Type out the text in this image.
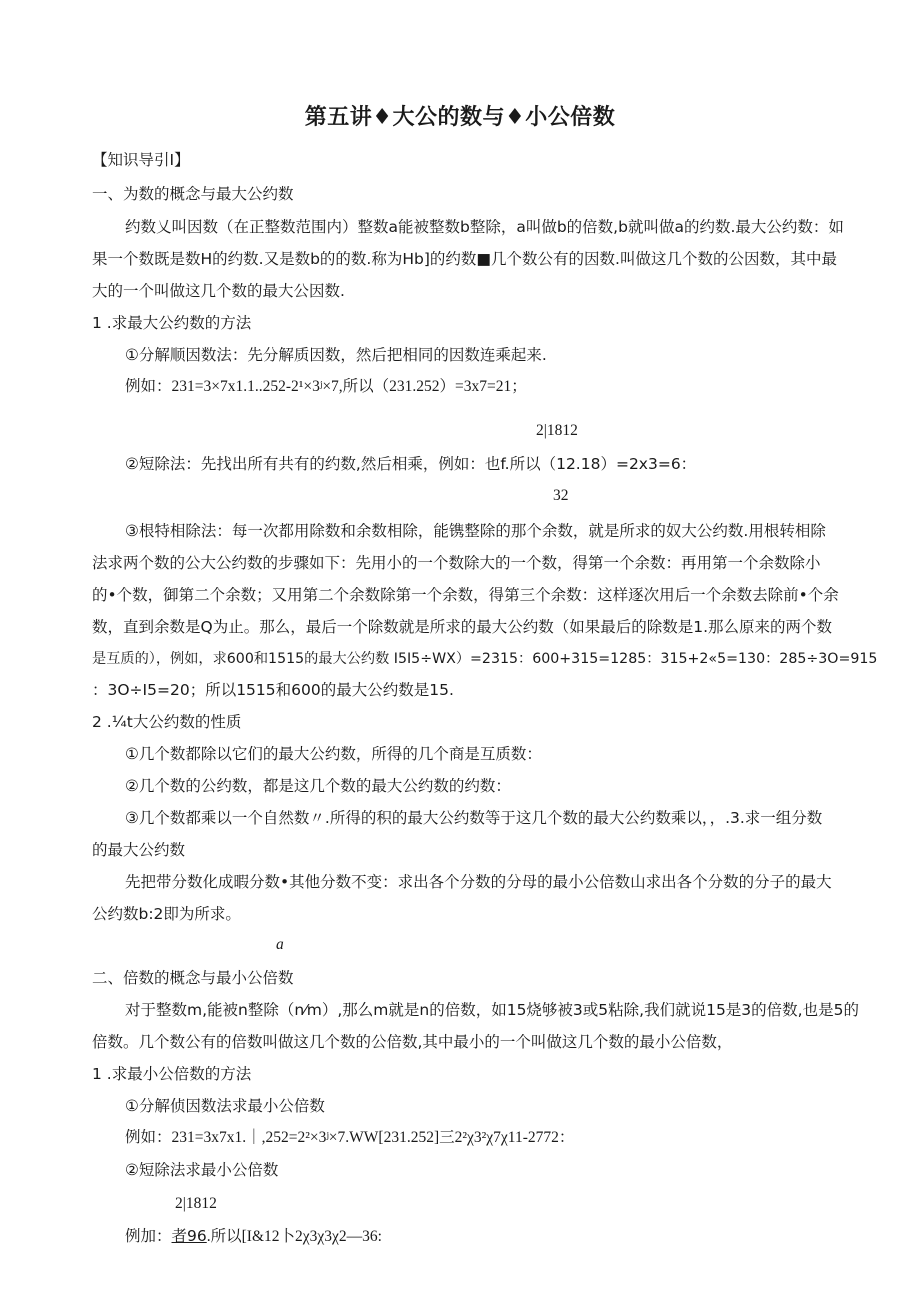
第五讲♦大公的数与♦小公倍数
【知识导引I】
一、为数的概念与最大公约数
约数乂叫因数（在正整数范围内）整数a能被整数b整除，a叫做b的倍数,b就叫做a的约数.最大公约数：如
果一个数既是数H的约数.又是数b的的数.称为Hb]的约数■几个数公有的因数.叫做这几个数的公因数，其中最
大的一个叫做这几个数的最大公因数.
1 .求最大公约数的方法
①分解顺因数法：先分解质因数，然后把相同的因数连乘起来.
例如：231=3×7x1.1..252-2¹×3ʲ×7,所以（231.252）=3x7=21；
2|1812
②短除法：先找出所有共有的约数,然后相乘，例如：也f.所以（12.18）=2x3=6：
32
③根特相除法：每一次都用除数和余数相除，能镌整除的那个余数，就是所求的奴大公约数.用根转相除
法求两个数的公大公约数的步骤如下：先用小的一个数除大的一个数，得第一个余数：再用第一个余数除小
的•个数，御第二个余数；又用第二个余数除第一个余数，得第三个余数：这样逐次用后一个余数去除前•个余
数，直到余数是Q为止。那么，最后一个除数就是所求的最大公约数（如果最后的除数是1.那么原来的两个数
是互质的），例如，求600和1515的最大公约数 I5I5÷WX）=2315：600+315=1285：315+2«5=130：285÷3O=915
：3O÷I5=20；所以1515和600的最大公约数是15.
2 .¼t大公约数的性质
①几个数都除以它们的最大公约数，所得的几个商是互质数：
②几个数的公约数，都是这几个数的最大公约数的约数：
③几个数都乘以一个自然数〃.所得的积的最大公约数等于这几个数的最大公约数乘以，，.3.求一组分数
的最大公约数
先把带分数化成暇分数•其他分数不变：求出各个分数的分母的最小公倍数山求出各个分数的分子的最大
公约数b:2即为所求。
a
二、倍数的概念与最小公倍数
对于整数m,能被n整除（n⁄m）,那么m就是n的倍数，如15烧够被3或5粘除,我们就说15是3的倍数,也是5的
倍数。几个数公有的倍数叫做这几个数的公倍数,其中最小的一个叫做这几个数的最小公倍数，
1 .求最小公倍数的方法
①分解侦因数法求最小公倍数
例如：231=3x7x1.｜,252=2²×3ʲ×7.WW[231.252]三2²χ3²χ7χ11-2772：
②短除法求最小公倍数
2|1812
例加：者96.所以[I&12卜2χ3χ3χ2—36:
